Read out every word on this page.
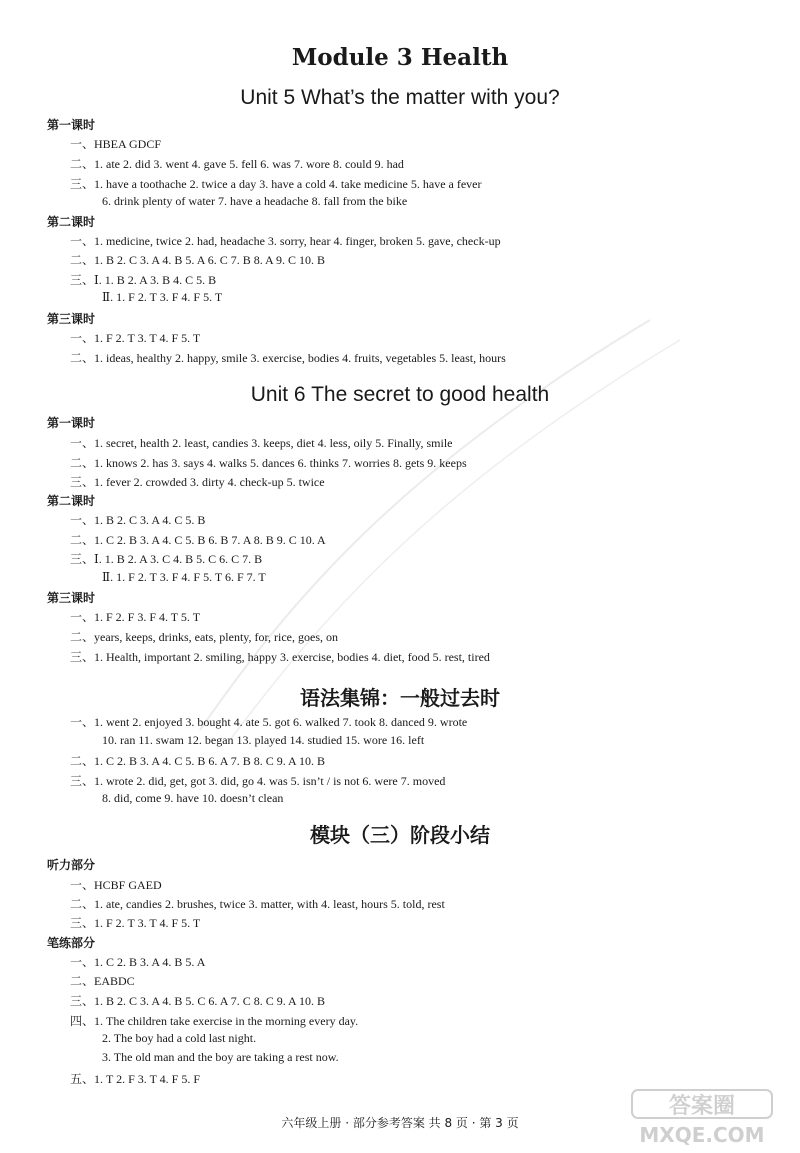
Module 3 Health
Unit 5 What’s the matter with you?
第一课时
一、HBEA GDCF
二、1. ate 2. did 3. went 4. gave 5. fell 6. was 7. wore 8. could 9. had
三、1. have a toothache 2. twice a day 3. have a cold 4. take medicine 5. have a fever
6. drink plenty of water 7. have a headache 8. fall from the bike
第二课时
一、1. medicine, twice 2. had, headache 3. sorry, hear 4. finger, broken 5. gave, check-up
二、1. B 2. C 3. A 4. B 5. A 6. C 7. B 8. A 9. C 10. B
三、Ⅰ. 1. B 2. A 3. B 4. C 5. B
Ⅱ. 1. F 2. T 3. F 4. F 5. T
第三课时
一、1. F 2. T 3. T 4. F 5. T
二、1. ideas, healthy 2. happy, smile 3. exercise, bodies 4. fruits, vegetables 5. least, hours
Unit 6 The secret to good health
第一课时
一、1. secret, health 2. least, candies 3. keeps, diet 4. less, oily 5. Finally, smile
二、1. knows 2. has 3. says 4. walks 5. dances 6. thinks 7. worries 8. gets 9. keeps
三、1. fever 2. crowded 3. dirty 4. check-up 5. twice
第二课时
一、1. B 2. C 3. A 4. C 5. B
二、1. C 2. B 3. A 4. C 5. B 6. B 7. A 8. B 9. C 10. A
三、Ⅰ. 1. B 2. A 3. C 4. B 5. C 6. C 7. B
Ⅱ. 1. F 2. T 3. F 4. F 5. T 6. F 7. T
第三课时
一、1. F 2. F 3. F 4. T 5. T
二、years, keeps, drinks, eats, plenty, for, rice, goes, on
三、1. Health, important 2. smiling, happy 3. exercise, bodies 4. diet, food 5. rest, tired
语法集锦：一般过去时
一、1. went 2. enjoyed 3. bought 4. ate 5. got 6. walked 7. took 8. danced 9. wrote
10. ran 11. swam 12. began 13. played 14. studied 15. wore 16. left
二、1. C 2. B 3. A 4. C 5. B 6. A 7. B 8. C 9. A 10. B
三、1. wrote 2. did, get, got 3. did, go 4. was 5. isn’t / is not 6. were 7. moved
8. did, come 9. have 10. doesn’t clean
模块（三）阶段小结
听力部分
一、HCBF GAED
二、1. ate, candies 2. brushes, twice 3. matter, with 4. least, hours 5. told, rest
三、1. F 2. T 3. T 4. F 5. T
笔练部分
一、1. C 2. B 3. A 4. B 5. A
二、EABDC
三、1. B 2. C 3. A 4. B 5. C 6. A 7. C 8. C 9. A 10. B
四、1. The children take exercise in the morning every day.
2. The boy had a cold last night.
3. The old man and the boy are taking a rest now.
五、1. T 2. F 3. T 4. F 5. F
六年级上册 · 部分参考答案 共 8 页 · 第 3 页
答案圈
MXQE.COM
